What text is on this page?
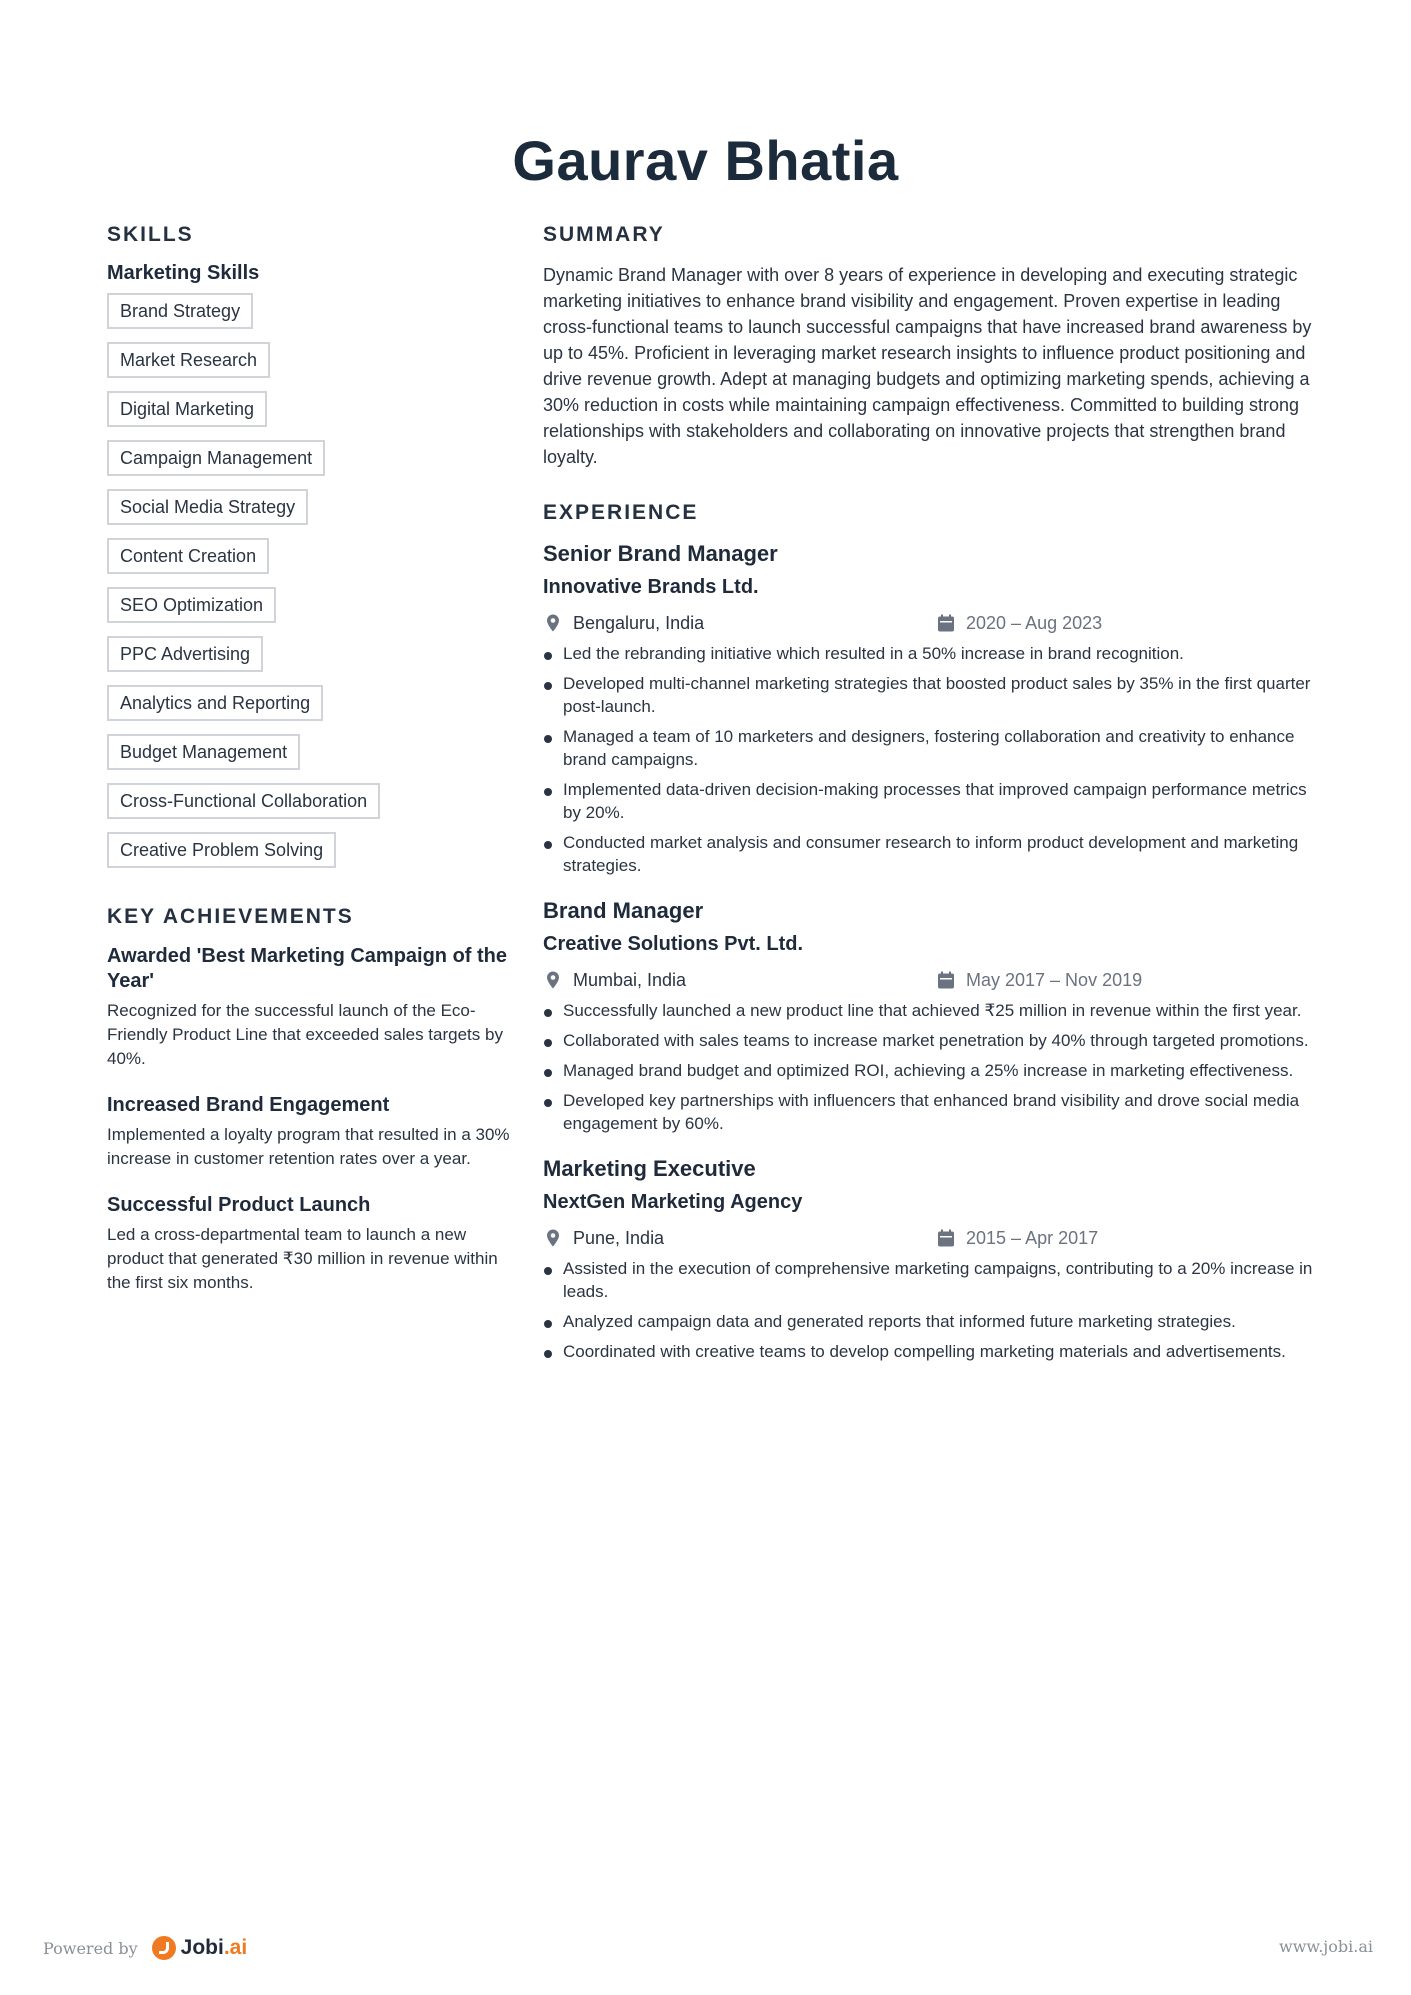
Gaurav Bhatia
SKILLS
Marketing Skills
Brand Strategy
Market Research
Digital Marketing
Campaign Management
Social Media Strategy
Content Creation
SEO Optimization
PPC Advertising
Analytics and Reporting
Budget Management
Cross-Functional Collaboration
Creative Problem Solving
KEY ACHIEVEMENTS
Awarded 'Best Marketing Campaign of the Year'

Recognized for the successful launch of the Eco-Friendly Product Line that exceeded sales targets by 40%.

Increased Brand Engagement

Implemented a loyalty program that resulted in a 30% increase in customer retention rates over a year.

Successful Product Launch

Led a cross-departmental team to launch a new product that generated ₹30 million in revenue within the first six months.

SUMMARY

Dynamic Brand Manager with over 8 years of experience in developing and executing strategic marketing initiatives to enhance brand visibility and engagement. Proven expertise in leading cross-functional teams to launch successful campaigns that have increased brand awareness by up to 45%. Proficient in leveraging market research insights to influence product positioning and drive revenue growth. Adept at managing budgets and optimizing marketing spends, achieving a 30% reduction in costs while maintaining campaign effectiveness. Committed to building strong relationships with stakeholders and collaborating on innovative projects that strengthen brand loyalty.

EXPERIENCE
Senior Brand Manager
Innovative Brands Ltd.
Bengaluru, India	2020 – Aug 2023
Led the rebranding initiative which resulted in a 50% increase in brand recognition.
Developed multi-channel marketing strategies that boosted product sales by 35% in the first quarter post-launch.
Managed a team of 10 marketers and designers, fostering collaboration and creativity to enhance brand campaigns.
Implemented data-driven decision-making processes that improved campaign performance metrics by 20%.
Conducted market analysis and consumer research to inform product development and marketing strategies.
Brand Manager
Creative Solutions Pvt. Ltd.
Mumbai, India	May 2017 – Nov 2019
Successfully launched a new product line that achieved ₹25 million in revenue within the first year.
Collaborated with sales teams to increase market penetration by 40% through targeted promotions.
Managed brand budget and optimized ROI, achieving a 25% increase in marketing effectiveness.
Developed key partnerships with influencers that enhanced brand visibility and drove social media engagement by 60%.
Marketing Executive
NextGen Marketing Agency
Pune, India	2015 – Apr 2017
Assisted in the execution of comprehensive marketing campaigns, contributing to a 20% increase in leads.
Analyzed campaign data and generated reports that informed future marketing strategies.
Coordinated with creative teams to develop compelling marketing materials and advertisements.
Powered by Jobi .ai	www.jobi.ai
